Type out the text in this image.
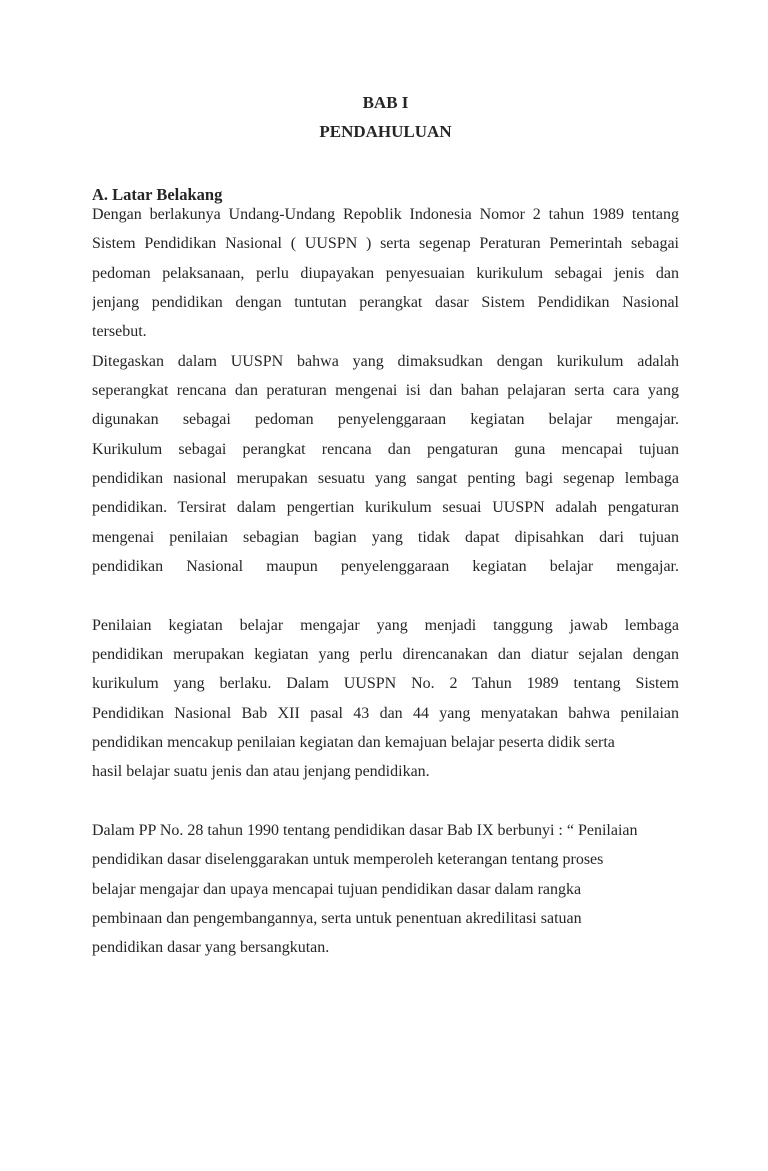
BAB I
PENDAHULUAN
A. Latar Belakang
Dengan berlakunya Undang-Undang Repoblik Indonesia Nomor 2 tahun 1989 tentang
Sistem Pendidikan Nasional ( UUSPN ) serta segenap Peraturan Pemerintah sebagai
pedoman pelaksanaan, perlu diupayakan penyesuaian kurikulum sebagai jenis dan
jenjang pendidikan dengan tuntutan perangkat dasar Sistem Pendidikan Nasional
tersebut.
Ditegaskan dalam UUSPN bahwa yang dimaksudkan dengan kurikulum adalah
seperangkat rencana dan peraturan mengenai isi dan bahan pelajaran serta cara yang
digunakan sebagai pedoman penyelenggaraan kegiatan belajar mengajar.
Kurikulum sebagai perangkat rencana dan pengaturan guna mencapai tujuan
pendidikan nasional merupakan sesuatu yang sangat penting bagi segenap lembaga
pendidikan. Tersirat dalam pengertian kurikulum sesuai UUSPN adalah pengaturan
mengenai penilaian sebagian bagian yang tidak dapat dipisahkan dari tujuan
pendidikan Nasional maupun penyelenggaraan kegiatan belajar mengajar.
Penilaian kegiatan belajar mengajar yang menjadi tanggung jawab lembaga
pendidikan merupakan kegiatan yang perlu direncanakan dan diatur sejalan dengan
kurikulum yang berlaku. Dalam UUSPN No. 2 Tahun 1989 tentang Sistem
Pendidikan Nasional Bab XII pasal 43 dan 44 yang menyatakan bahwa penilaian
pendidikan mencakup penilaian kegiatan dan kemajuan belajar peserta didik serta
hasil belajar suatu jenis dan atau jenjang pendidikan.
Dalam PP No. 28 tahun 1990 tentang pendidikan dasar Bab IX berbunyi : “ Penilaian
pendidikan dasar diselenggarakan untuk memperoleh keterangan tentang proses
belajar mengajar dan upaya mencapai tujuan pendidikan dasar dalam rangka
pembinaan dan pengembangannya, serta untuk penentuan akredilitasi satuan
pendidikan dasar yang bersangkutan.
